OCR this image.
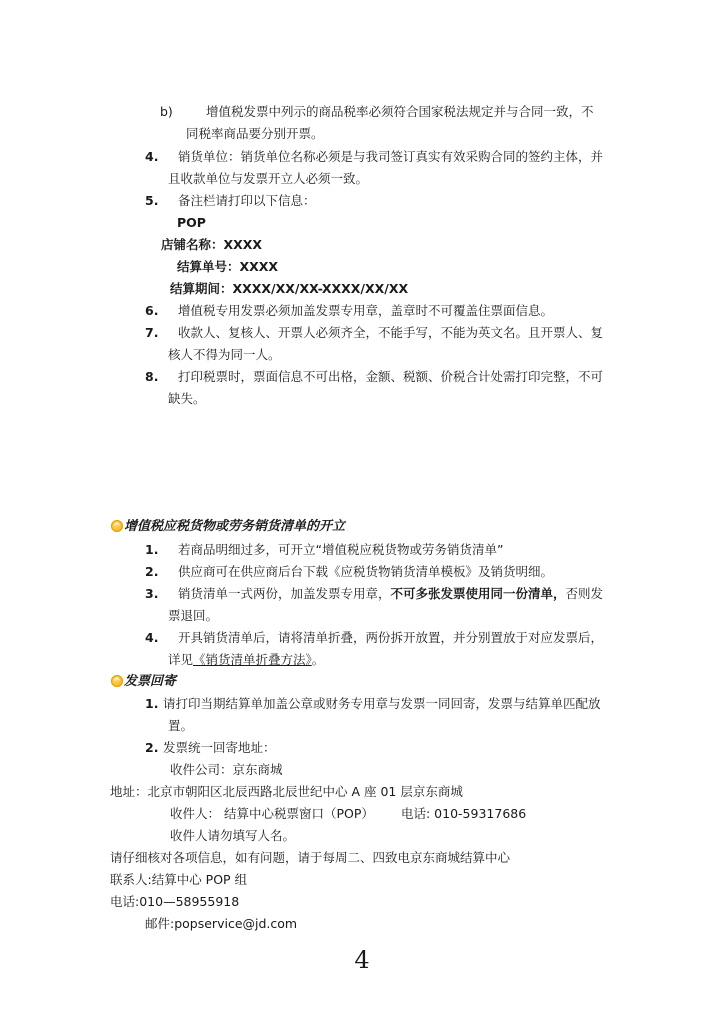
b)	增值税发票中列示的商品税率必须符合国家税法规定并与合同一致，不
同税率商品要分别开票。
4. 销货单位：销货单位名称必须是与我司签订真实有效采购合同的签约主体，并
且收款单位与发票开立人必须一致。
5. 备注栏请打印以下信息：
POP
店铺名称：XXXX
结算单号：XXXX
结算期间：XXXX/XX/XX-XXXX/XX/XX
6. 增值税专用发票必须加盖发票专用章，盖章时不可覆盖住票面信息。
7. 收款人、复核人、开票人必须齐全，不能手写，不能为英文名。且开票人、复
核人不得为同一人。
8. 打印税票时，票面信息不可出格，金额、税额、价税合计处需打印完整，不可
缺失。
增值税应税货物或劳务销货清单的开立
1. 若商品明细过多，可开立“增值税应税货物或劳务销货清单”
2. 供应商可在供应商后台下载《应税货物销货清单模板》及销货明细。
3. 销货清单一式两份，加盖发票专用章，不可多张发票使用同一份清单，否则发
票退回。
4. 开具销货清单后，请将清单折叠，两份拆开放置，并分别置放于对应发票后，
详见《销货清单折叠方法》。
发票回寄
1. 请打印当期结算单加盖公章或财务专用章与发票一同回寄，发票与结算单匹配放
置。
2. 发票统一回寄地址：
收件公司：京东商城
地址：北京市朝阳区北辰西路北辰世纪中心 A 座 01 层京东商城
收件人： 结算中心税票窗口（POP） 电话: 010-59317686
收件人请勿填写人名。
请仔细核对各项信息，如有问题，请于每周二、四致电京东商城结算中心
联系人:结算中心 POP 组
电话:010—58955918
邮件:popservice@jd.com
4
